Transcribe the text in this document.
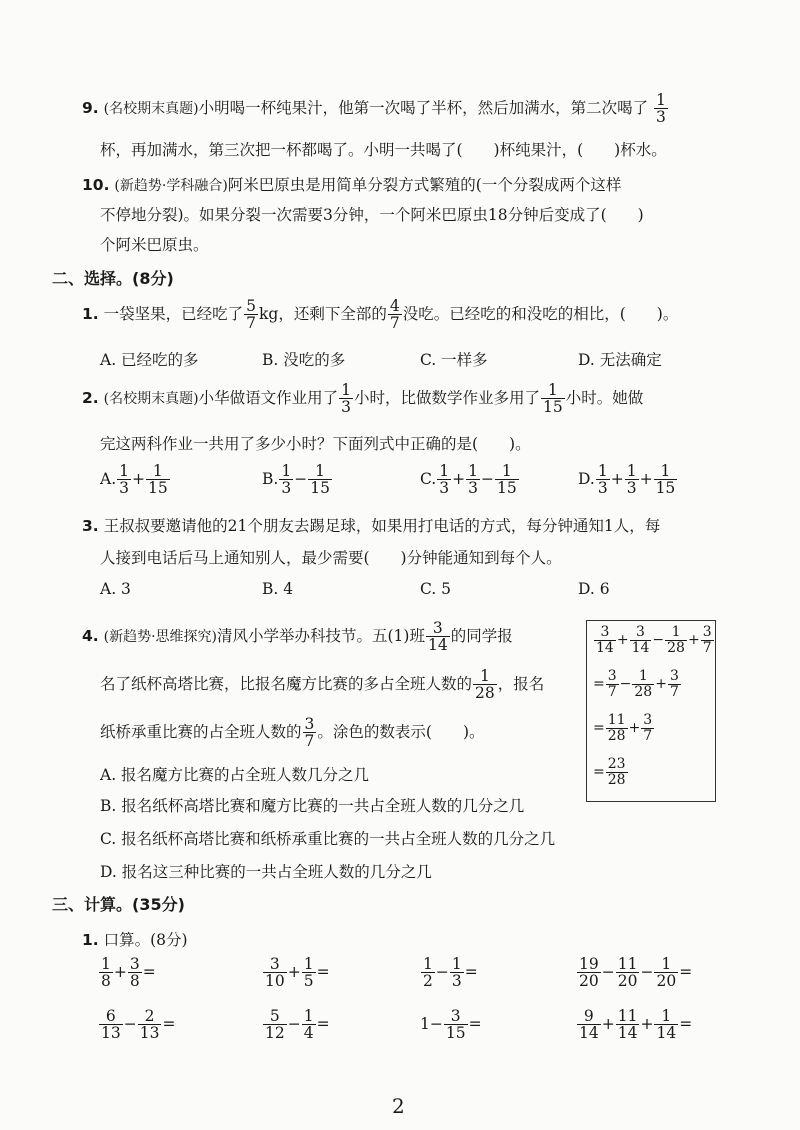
9. (名校期末真题)小明喝一杯纯果汁，他第一次喝了半杯，然后加满水，第二次喝了 $\frac{1}{3}$
杯，再加满水，第三次把一杯都喝了。小明一共喝了(　　)杯纯果汁，(　　)杯水。
10. (新趋势·学科融合)阿米巴原虫是用简单分裂方式繁殖的(一个分裂成两个这样
不停地分裂)。如果分裂一次需要3分钟，一个阿米巴原虫18分钟后变成了(　　)
个阿米巴原虫。
二、选择。(8分)
1. 一袋坚果，已经吃了 $\frac{5}{7}$ kg，还剩下全部的 $\frac{4}{7}$ 没吃。已经吃的和没吃的相比，(　　)。
A. 已经吃的多	B. 没吃的多	C. 一样多	D. 无法确定
2. (名校期末真题)小华做语文作业用了 $\frac{1}{3}$ 小时，比做数学作业多用了 $\frac{1}{15}$ 小时。她做
完这两科作业一共用了多少小时？下面列式中正确的是(　　)。
A. $\frac{1}{3} + \frac{1}{15}$	B. $\frac{1}{3} - \frac{1}{15}$	C. $\frac{1}{3} + \frac{1}{3} - \frac{1}{15}$	D. $\frac{1}{3} + \frac{1}{3} + \frac{1}{15}$
3. 王叔叔要邀请他的21个朋友去踢足球，如果用打电话的方式，每分钟通知1人，每
人接到电话后马上通知别人，最少需要(　　)分钟能通知到每个人。
A. 3	B. 4	C. 5	D. 6
4. (新趋势·思维探究)清风小学举办科技节。五(1)班 $\frac{3}{14}$ 的同学报
名了纸杯高塔比赛，比报名魔方比赛的多占全班人数的 $\frac{1}{28}$ ，报名
纸桥承重比赛的占全班人数的 $\frac{3}{7}$ 。涂色的数表示(　　)。
A. 报名魔方比赛的占全班人数几分之几
B. 报名纸杯高塔比赛和魔方比赛的一共占全班人数的几分之几
C. 报名纸杯高塔比赛和纸桥承重比赛的一共占全班人数的几分之几
D. 报名这三种比赛的一共占全班人数的几分之几
$\frac{3}{14} + \frac{3}{14} - \frac{1}{28} + \frac{3}{7}$
= $\frac{3}{7} - \frac{1}{28} + \frac{3}{7}$
= $\frac{11}{28} + \frac{3}{7}$
= $\frac{23}{28}$
三、计算。(35分)
1. 口算。(8分)
$\frac{1}{8} + \frac{3}{8}$ =	$\frac{3}{10} + \frac{1}{5}$ =	$\frac{1}{2} - \frac{1}{3}$ =	$\frac{19}{20} - \frac{11}{20} - \frac{1}{20}$ =
$\frac{6}{13} - \frac{2}{13}$ =	$\frac{5}{12} - \frac{1}{4}$ =	$1- \frac{3}{15}$ =	$\frac{9}{14} + \frac{11}{14} + \frac{1}{14}$ =
2
